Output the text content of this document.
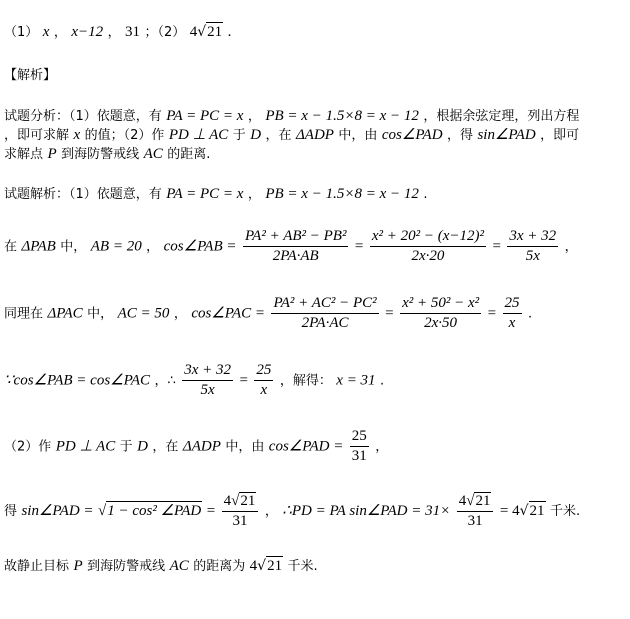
（1） x ， x−12 ， 31 ；（2） 4√21 .
【解析】
试题分析：（1）依题意，有 PA = PC = x ， PB = x − 1.5×8 = x − 12 ，根据余弦定理，列出方程
，即可求解 x 的值；（2）作 PD ⊥ AC 于 D ，在 ΔADP 中，由 cos∠PAD ，得 sin∠PAD ，即可
求解点 P 到海防警戒线 AC 的距离.
试题解析：（1）依题意，有 PA = PC = x ， PB = x − 1.5×8 = x − 12 .
在 ΔPAB 中， AB = 20 ， cos∠PAB = $\frac{\text{PA² + AB² − PB²}}{2PA\cdot AB} = \frac{\text{x² + 20² − (x−12)²}}{2x\cdot 20} = \frac{3x + 32}{5x}$ ，
同理在 ΔPAC 中， AC = 50 ， cos∠PAC = $\frac{\text{PA² + AC² − PC²}}{2PA\cdot AC} = \frac{\text{x² + 50² − x²}}{2x\cdot 50} = \frac{25}{x}$ .
∵cos∠PAB = cos∠PAC ，∴ $\frac{3x + 32}{5x} = \frac{25}{x}$ ，解得： x = 31 .
（2）作 PD ⊥ AC 于 D ，在 ΔADP 中，由 cos∠PAD = $\frac{25}{31}$ ，
得 sin∠PAD = √1 − cos² ∠PAD = $\frac{4√21}{31}$ ， ∴PD = PA sin∠PAD = $31\times \frac{4√21}{31} = 4√21$ 千米.
故静止目标 P 到海防警戒线 AC 的距离为 4√21 千米.
